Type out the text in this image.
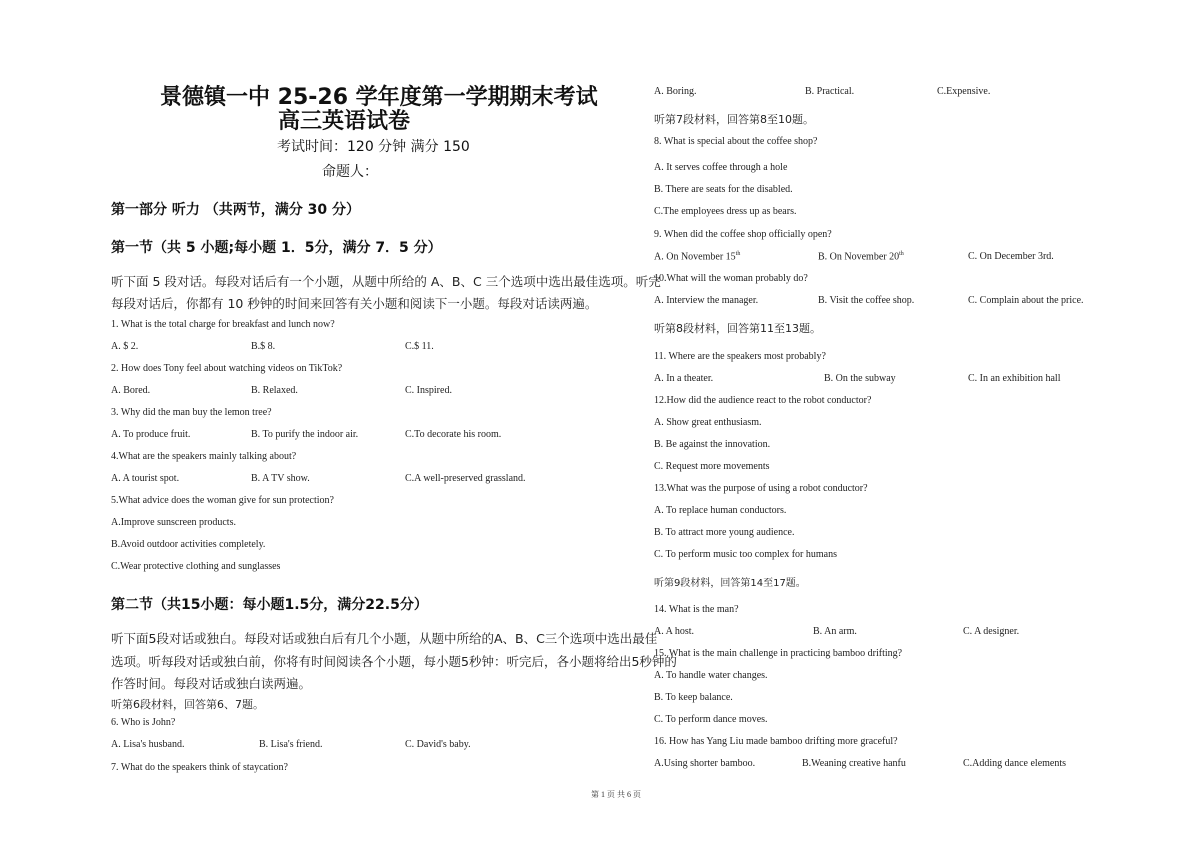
景德镇一中 25-26 学年度第一学期期末考试
高三英语试卷
考试时间：120 分钟 满分 150
命题人：
第一部分 听力 （共两节，满分 30 分）
第一节（共 5 小题;每小题 1．5分，满分 7．5 分）
听下面 5 段对话。每段对话后有一个小题，从题中所给的 A、B、C 三个选项中选出最佳选项。听完
每段对话后，你都有 10 秒钟的时间来回答有关小题和阅读下一小题。每段对话读两遍。
1. What is the total charge for breakfast and lunch now?
A. $ 2.	B.$ 8.	C.$ 11.
2. How does Tony feel about watching videos on TikTok?
A. Bored.	B. Relaxed.	C. Inspired.
3. Why did the man buy the lemon tree?
A. To produce fruit.	B. To purify the indoor air.	C.To decorate his room.
4.What are the speakers mainly talking about?
A. A tourist spot.	B. A TV show.	C.A well-preserved grassland.
5.What advice does the woman give for sun protection?
A.Improve sunscreen products.
B.Avoid outdoor activities completely.
C.Wear protective clothing and sunglasses
第二节（共15小题：每小题1.5分，满分22.5分）
听下面5段对话或独白。每段对话或独白后有几个小题，从题中所给的A、B、C三个选项中选出最佳
选项。听每段对话或独白前，你将有时间阅读各个小题，每小题5秒钟：听完后，各小题将给出5秒钟的
作答时间。每段对话或独白读两遍。
听第6段材料，回答第6、7题。
6. Who is John?
A. Lisa's husband.	B. Lisa's friend.	C. David's baby.
7. What do the speakers think of staycation?
A. Boring.	B. Practical.	C.Expensive.
听第7段材料，回答第8至10题。
8. What is special about the coffee shop?
A. It serves coffee through a hole
B. There are seats for the disabled.
C.The employees dress up as bears.
9. When did the coffee shop officially open?
A. On November 15th	B. On November 20th	C. On December 3rd.
10.What will the woman probably do?
A. Interview the manager.	B. Visit the coffee shop.	C. Complain about the price.
听第8段材料，回答第11至13题。
11. Where are the speakers most probably?
A. In a theater.	B. On the subway	C. In an exhibition hall
12.How did the audience react to the robot conductor?
A. Show great enthusiasm.
B. Be against the innovation.
C. Request more movements
13.What was the purpose of using a robot conductor?
A. To replace human conductors.
B. To attract more young audience.
C. To perform music too complex for humans
听第9段材料，回答第14至17题。
14. What is the man?
A. A host.	B. An arm.	C. A designer.
15. What is the main challenge in practicing bamboo drifting?
A. To handle water changes.
B. To keep balance.
C. To perform dance moves.
16. How has Yang Liu made bamboo drifting more graceful?
A.Using shorter bamboo.	B.Weaning creative hanfu	C.Adding dance elements
第 1 页 共 6 页
